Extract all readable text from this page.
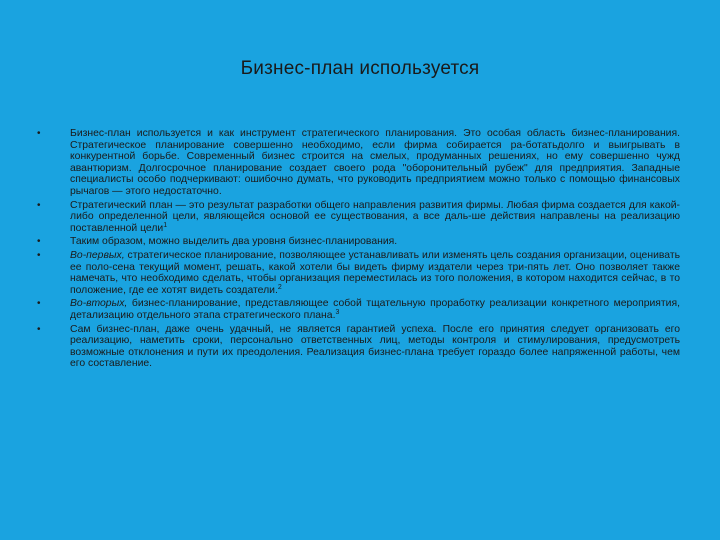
Бизнес-план используется
•	Бизнес-план используется и как инструмент стратегического планирования. Это особая область бизнес-планирования. Стратегическое планирование совершенно необходимо, если фирма собирается ра-ботатьдолго и выигрывать в конкурентной борьбе. Современный бизнес строится на смелых, продуманных решениях, но ему совершенно чужд авантюризм. Долгосрочное планирование создает своего рода "оборонительный рубеж" для предприятия. Западные специалисты особо подчеркивают: ошибочно думать, что руководить предприятием можно только с помощью финансовых рычагов — этого недостаточно.
•	Стратегический план — это результат разработки общего направления развития фирмы. Любая фирма создается для какой-либо определенной цели, являющейся основой ее существования, а все даль-ше действия направлены на реализацию поставленной цели$^1$
•	Таким образом, можно выделить два уровня бизнес-планирования.
•	Во-первых, стратегическое планирование, позволяющее устанавливать или изменять цель создания организации, оценивать ее поло-сена текущий момент, решать, какой хотели бы видеть фирму издатели через три-пять лет. Оно позволяет также намечать, что необходимо сделать, чтобы организация переместилась из того положения, в котором находится сейчас, в то положение, где ее хотят видеть создатели.$^2$
•	Во-вторых, бизнес-планирование, представляющее собой тщательную проработку реализации конкретного мероприятия, детализацию отдельного этапа стратегического плана.$^3$
•	Сам бизнес-план, даже очень удачный, не является гарантией успеха. После его принятия следует организовать его реализацию, наметить сроки, персонально ответственных лиц, методы контроля и стимулирования, предусмотреть возможные отклонения и пути их преодоления. Реализация бизнес-плана требует гораздо более напряженной работы, чем его составление.
